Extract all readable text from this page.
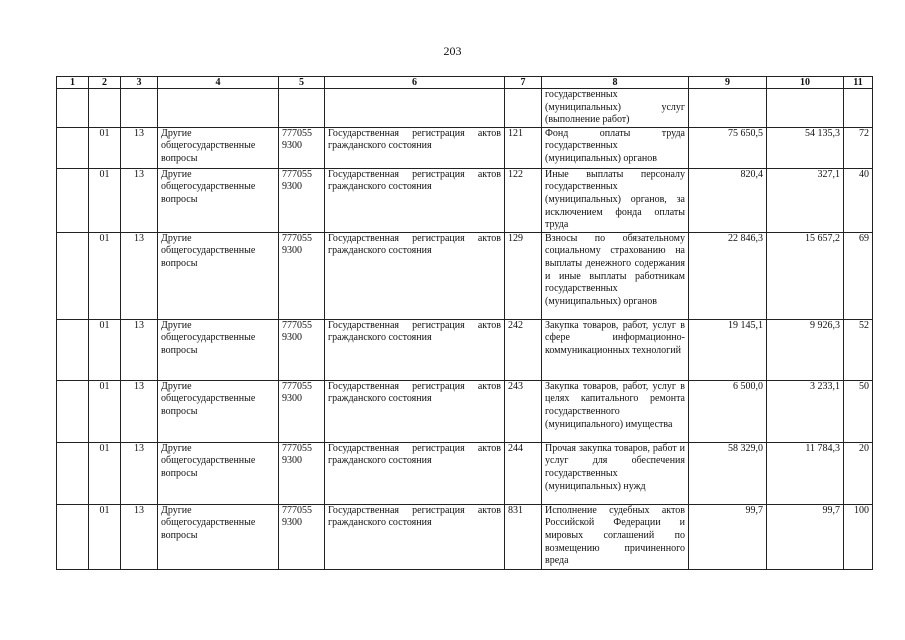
203
1	2	3	4	5	6	7	8	9	10	11
							государственных (муниципальных) услуг (выполнение работ)			
	01	13	Другие общегосударственные вопросы	777055 9300	Государственная регистрация актов гражданского состояния	121	Фонд оплаты труда государственных (муниципальных) органов	75 650,5	54 135,3	72
	01	13	Другие общегосударственные вопросы	777055 9300	Государственная регистрация актов гражданского состояния	122	Иные выплаты персоналу государственных (муниципальных) органов, за исключением фонда оплаты труда	820,4	327,1	40
	01	13	Другие общегосударственные вопросы	777055 9300	Государственная регистрация актов гражданского состояния	129	Взносы по обязательному социальному страхованию на выплаты денежного содержания и иные выплаты работникам государственных (муниципальных) органов	22 846,3	15 657,2	69
	01	13	Другие общегосударственные вопросы	777055 9300	Государственная регистрация актов гражданского состояния	242	Закупка товаров, работ, услуг в сфере информационно-коммуникационных технологий	19 145,1	9 926,3	52
	01	13	Другие общегосударственные вопросы	777055 9300	Государственная регистрация актов гражданского состояния	243	Закупка товаров, работ, услуг в целях капитального ремонта государственного (муниципального) имущества	6 500,0	3 233,1	50
	01	13	Другие общегосударственные вопросы	777055 9300	Государственная регистрация актов гражданского состояния	244	Прочая закупка товаров, работ и услуг для обеспечения государственных (муниципальных) нужд	58 329,0	11 784,3	20
	01	13	Другие общегосударственные вопросы	777055 9300	Государственная регистрация актов гражданского состояния	831	Исполнение судебных актов Российской Федерации и мировых соглашений по возмещению причиненного вреда	99,7	99,7	100
